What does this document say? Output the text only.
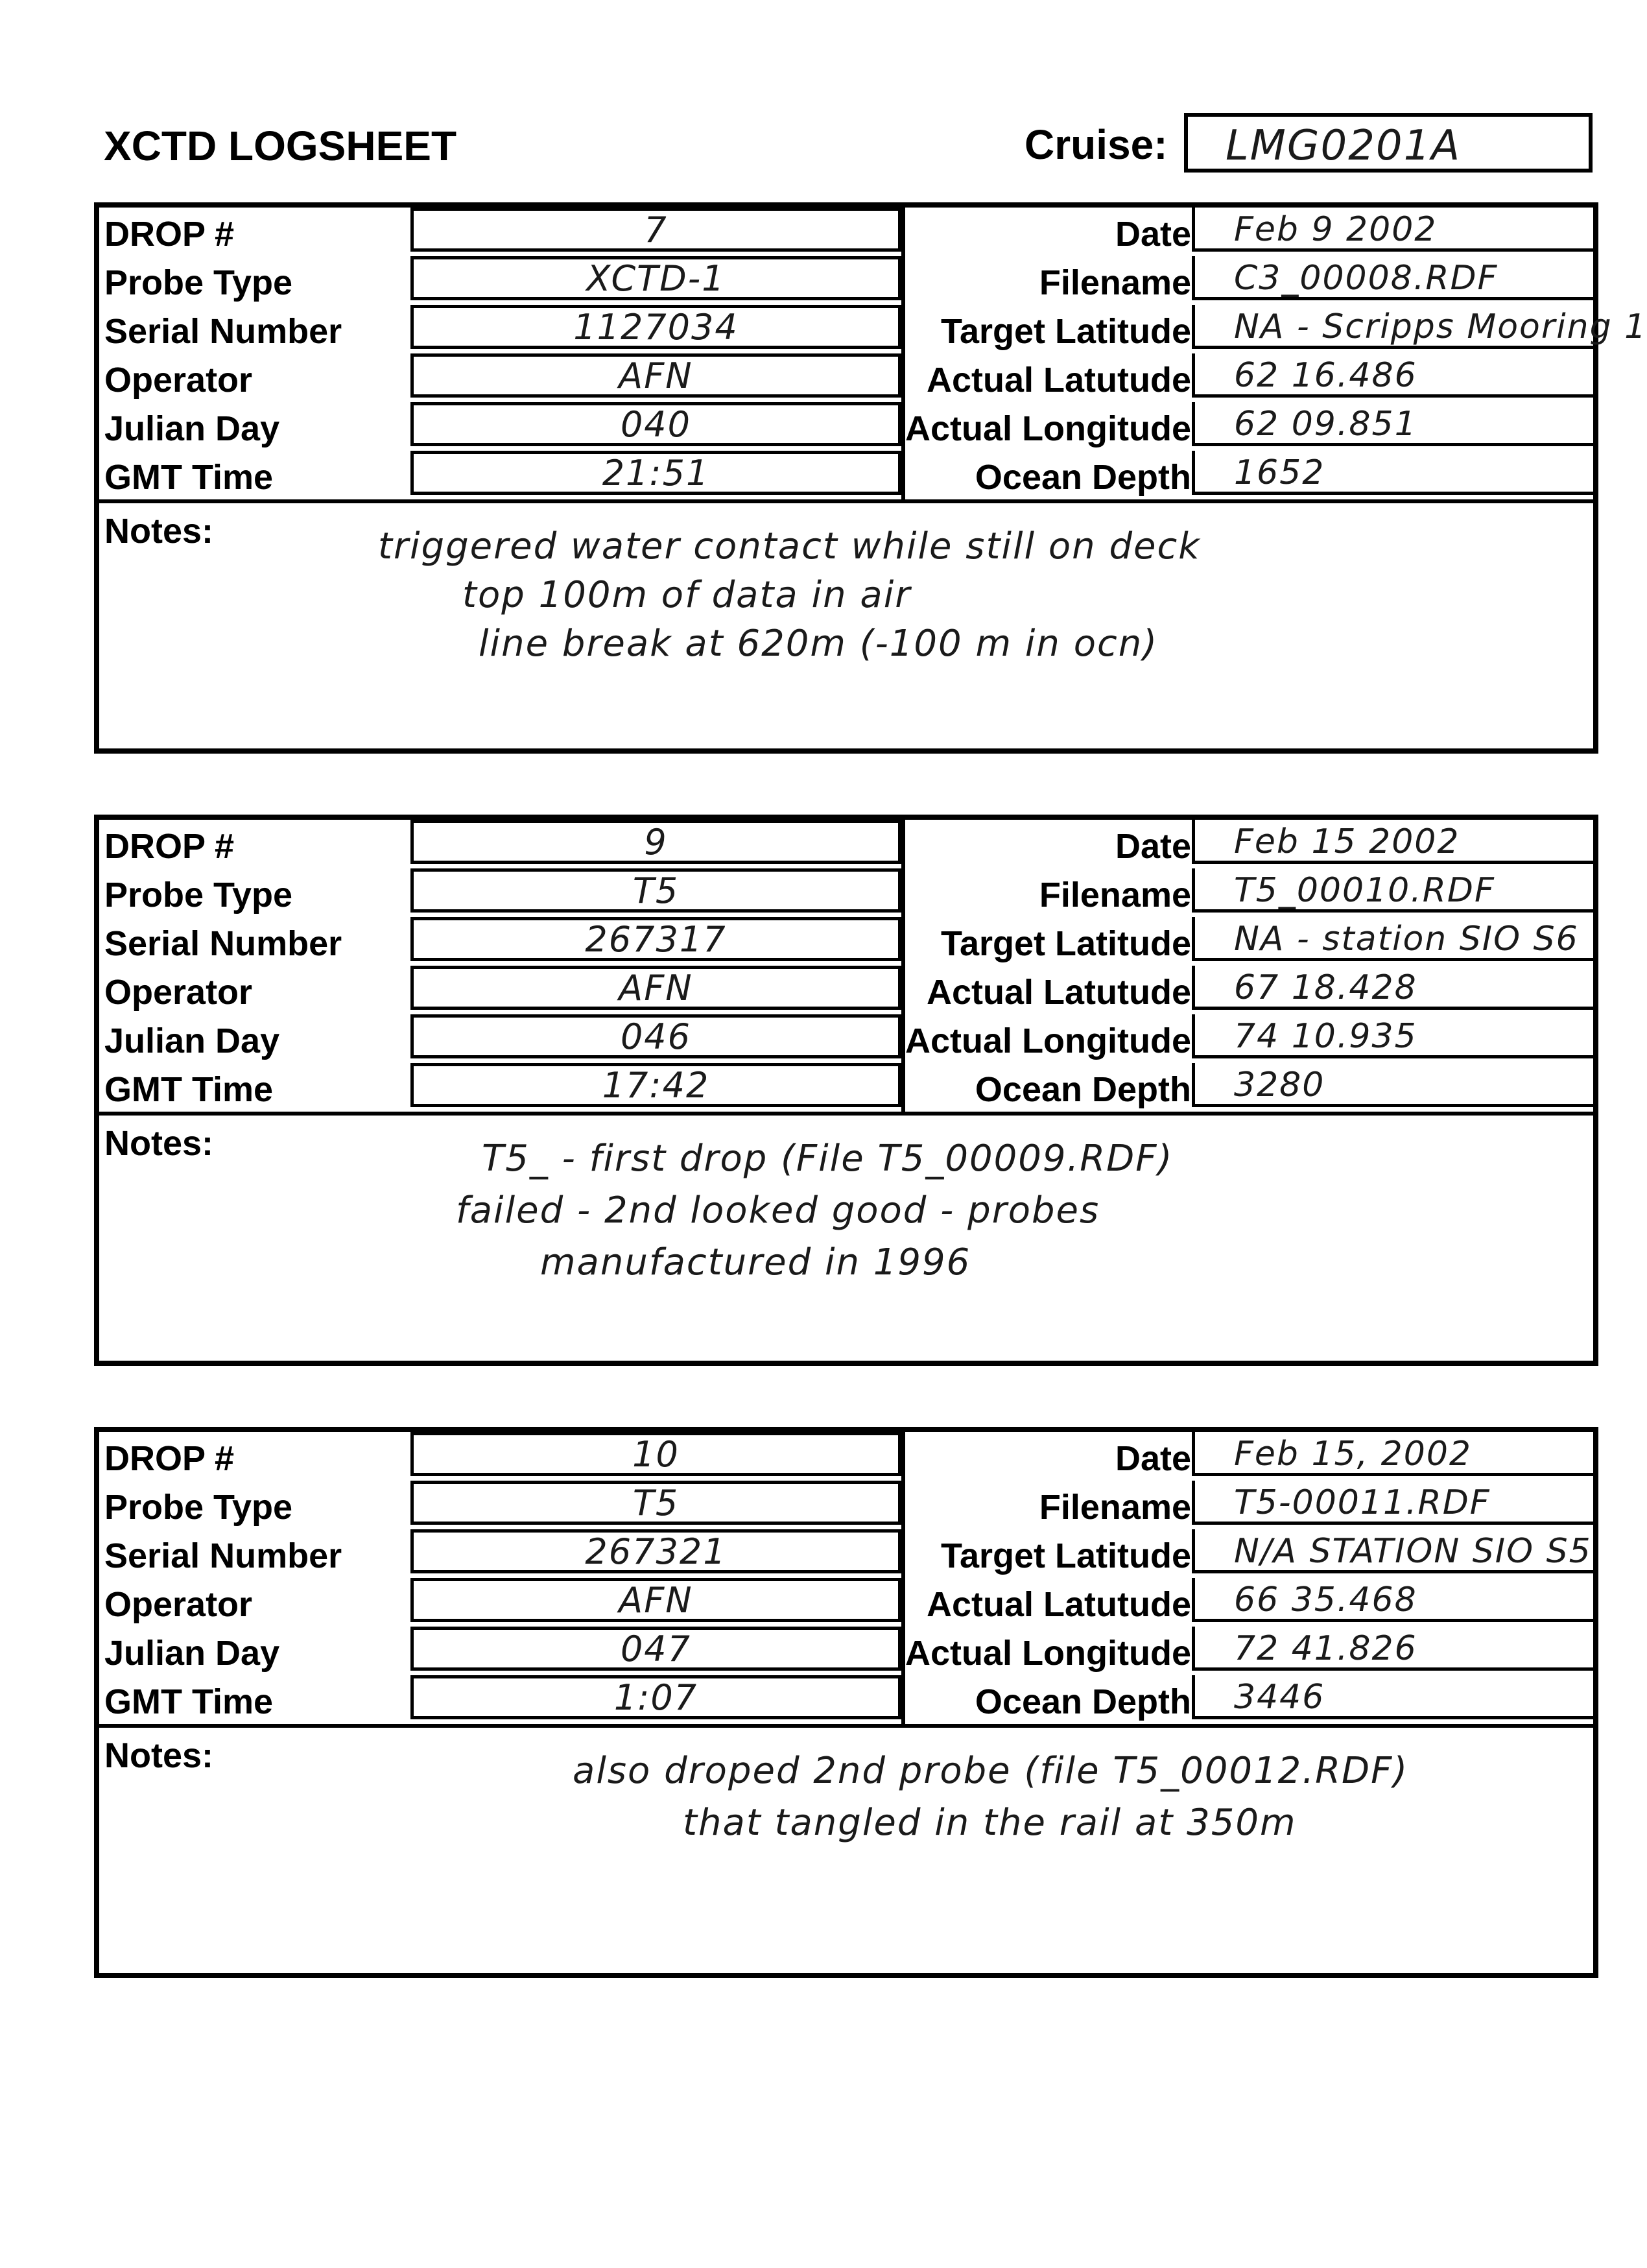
XCTD LOGSHEET	Cruise: LMG0201A
DROP #	7	Date Feb 9 2002
Probe Type	XCTD-1	Filename C3_00008.RDF
Serial Number	1127034	Target Latitude NA - Scripps Mooring 1
Operator	AFN	Actual Latutude 62 16.486
Julian Day	040	Actual Longitude 62 09.851
GMT Time	21:51	Ocean Depth 1652
Notes:	triggered water contact while still on deck
top 100m of data in air
line break at 620m (-100 m in ocn)
DROP #	9	Date Feb 15 2002
Probe Type	T5	Filename T5_00010.RDF
Serial Number	267317	Target Latitude NA - station SIO S6
Operator	AFN	Actual Latutude 67 18.428
Julian Day	046	Actual Longitude 74 10.935
GMT Time	17:42	Ocean Depth 3280
Notes:	T5_ - first drop (File T5_00009.RDF)
failed - 2nd looked good - probes
manufactured in 1996
DROP #	10	Date Feb 15, 2002
Probe Type	T5	Filename T5-00011.RDF
Serial Number	267321	Target Latitude N/A STATION SIO S5
Operator	AFN	Actual Latutude 66 35.468
Julian Day	047	Actual Longitude 72 41.826
GMT Time	1:07	Ocean Depth 3446
Notes:	also droped 2nd probe (file T5_00012.RDF)
that tangled in the rail at 350m
